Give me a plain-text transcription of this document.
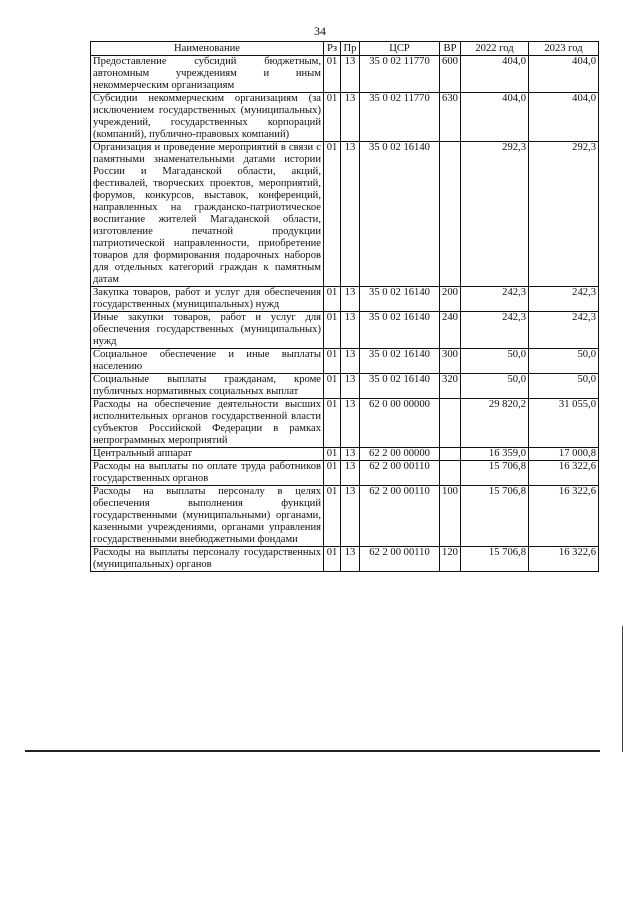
34
Наименование	Рз	Пр	ЦСР	ВР	2022 год	2023 год
Предоставление субсидий бюджетным, автономным учреждениям и иным некоммерческим организациям	01	13	35 0 02 11770	600	404,0	404,0
Субсидии некоммерческим организациям (за исключением государственных (муниципальных) учреждений, государственных корпораций (компаний), публично-правовых компаний)	01	13	35 0 02 11770	630	404,0	404,0
Организация и проведение мероприятий в связи с памятными знаменательными датами истории России и Магаданской области, акций, фестивалей, творческих проектов, мероприятий, форумов, конкурсов, выставок, конференций, направленных на гражданско-патриотическое воспитание жителей Магаданской области, изготовление печатной продукции патриотической направленности, приобретение товаров для формирования подарочных наборов для отдельных категорий граждан к памятным датам	01	13	35 0 02 16140		292,3	292,3
Закупка товаров, работ и услуг для обеспечения государственных (муниципальных) нужд	01	13	35 0 02 16140	200	242,3	242,3
Иные закупки товаров, работ и услуг для обеспечения государственных (муниципальных) нужд	01	13	35 0 02 16140	240	242,3	242,3
Социальное обеспечение и иные выплаты населению	01	13	35 0 02 16140	300	50,0	50,0
Социальные выплаты гражданам, кроме публичных нормативных социальных выплат	01	13	35 0 02 16140	320	50,0	50,0
Расходы на обеспечение деятельности высших исполнительных органов государственной власти субъектов Российской Федерации в рамках непрограммных мероприятий	01	13	62 0 00 00000		29 820,2	31 055,0
Центральный аппарат	01	13	62 2 00 00000		16 359,0	17 000,8
Расходы на выплаты по оплате труда работников государственных органов	01	13	62 2 00 00110		15 706,8	16 322,6
Расходы на выплаты персоналу в целях обеспечения выполнения функций государственными (муниципальными) органами, казенными учреждениями, органами управления государственными внебюджетными фондами	01	13	62 2 00 00110	100	15 706,8	16 322,6
Расходы на выплаты персоналу государственных (муниципальных) органов	01	13	62 2 00 00110	120	15 706,8	16 322,6
